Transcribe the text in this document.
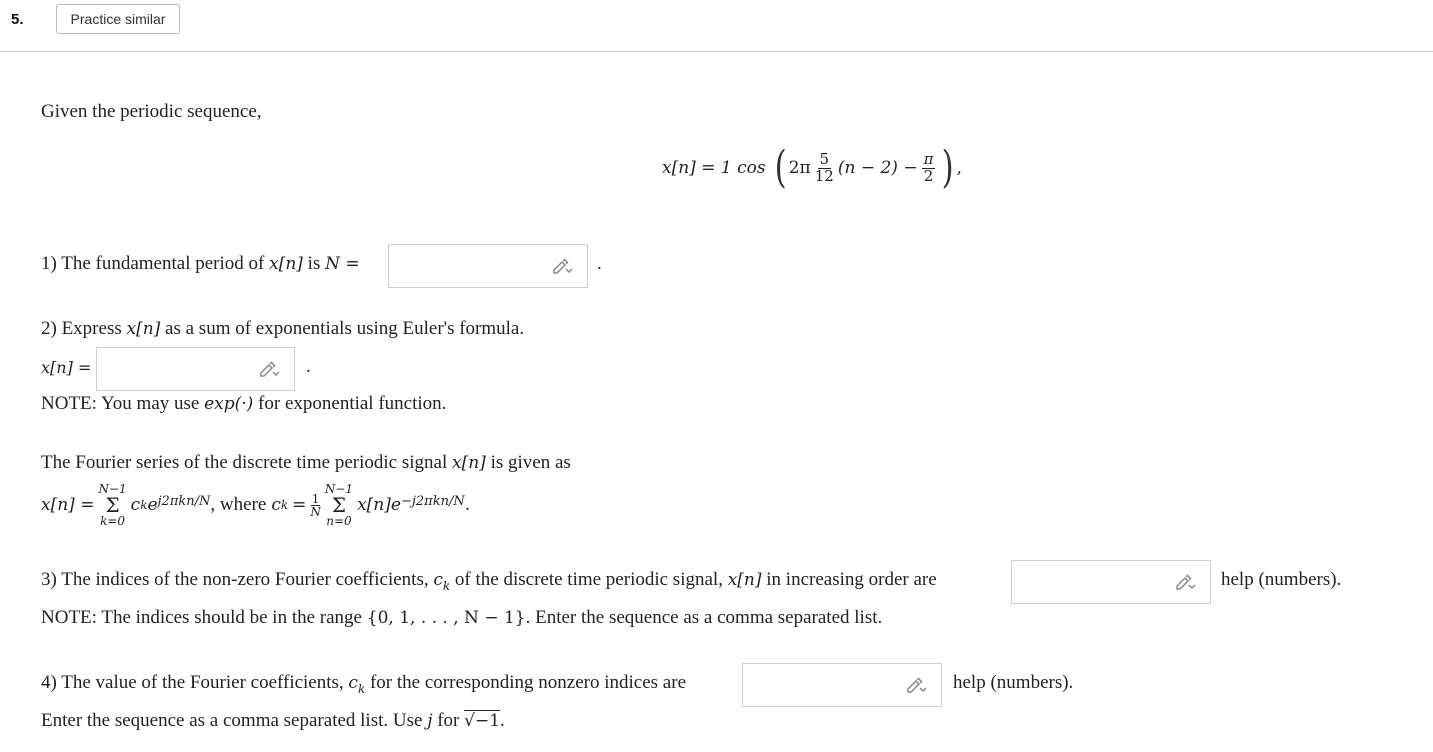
5.	Practice similar
Given the periodic sequence,
x[n] = 1 cos ( $2\pi \frac{5}{12} (n - 2) - \frac{\pi}{2}$ ) ,
1) The fundamental period of x[n] is N =	.
2) Express x[n] as a sum of exponentials using Euler's formula.
x[n] =	.
NOTE: You may use exp(·) for exponential function.
The Fourier series of the discrete time periodic signal x[n] is given as
x[n] =
N−1
Σ
k=0
c k $e^{j2\pi kn/N}$ , where c $k = \frac{1}{N}$
N−1
Σ
n=0
$x[n]e^{-j2\pi kn/N}$ .
3) The indices of the non-zero Fourier coefficients, $c_k$ of the discrete time periodic signal, x[n] in increasing order are	help (numbers).
NOTE: The indices should be in the range {0, 1, . . . , N − 1}. Enter the sequence as a comma separated list.
4) The value of the Fourier coefficients, $c_k$ for the corresponding nonzero indices are	help (numbers).
Enter the sequence as a comma separated list. Use j for √−1.
